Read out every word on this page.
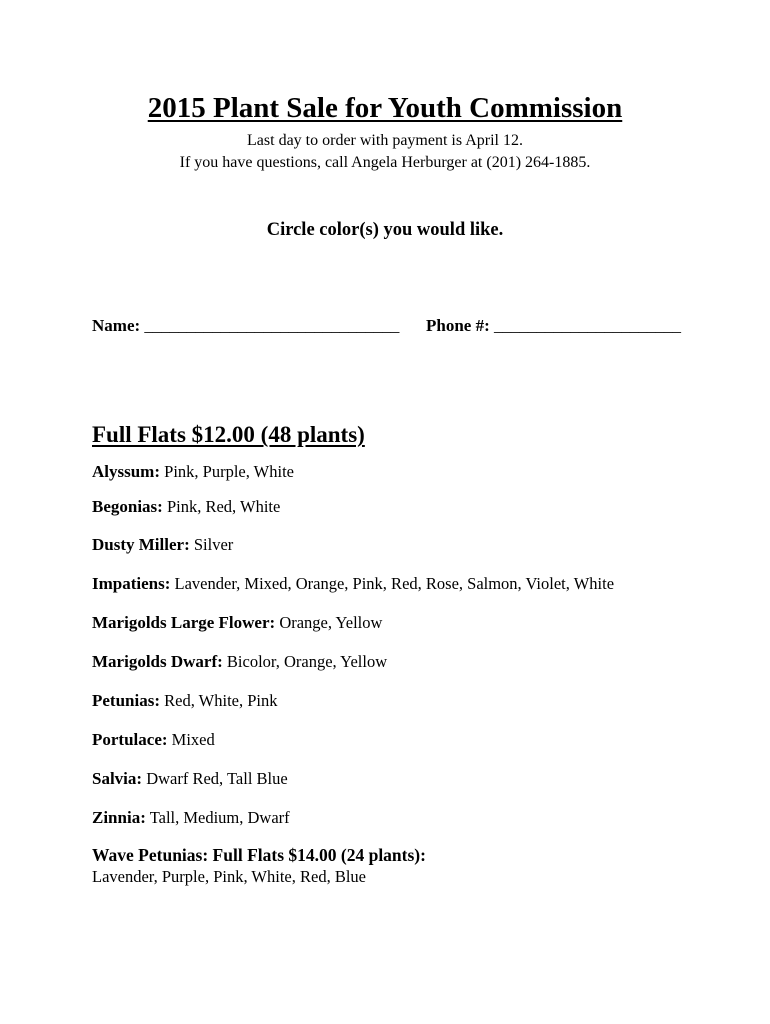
2015 Plant Sale for Youth Commission
Last day to order with payment is April 12.
If you have questions, call Angela Herburger at (201) 264-1885.
Circle color(s) you would like.
Name: ______________________________ Phone #: ______________________
Full Flats $12.00 (48 plants)
Alyssum: Pink, Purple, White
Begonias: Pink, Red, White
Dusty Miller: Silver
Impatiens: Lavender, Mixed, Orange, Pink, Red, Rose, Salmon, Violet, White
Marigolds Large Flower: Orange, Yellow
Marigolds Dwarf: Bicolor, Orange, Yellow
Petunias: Red, White, Pink
Portulace: Mixed
Salvia: Dwarf Red, Tall Blue
Zinnia: Tall, Medium, Dwarf
Wave Petunias: Full Flats $14.00 (24 plants):
Lavender, Purple, Pink, White, Red, Blue
